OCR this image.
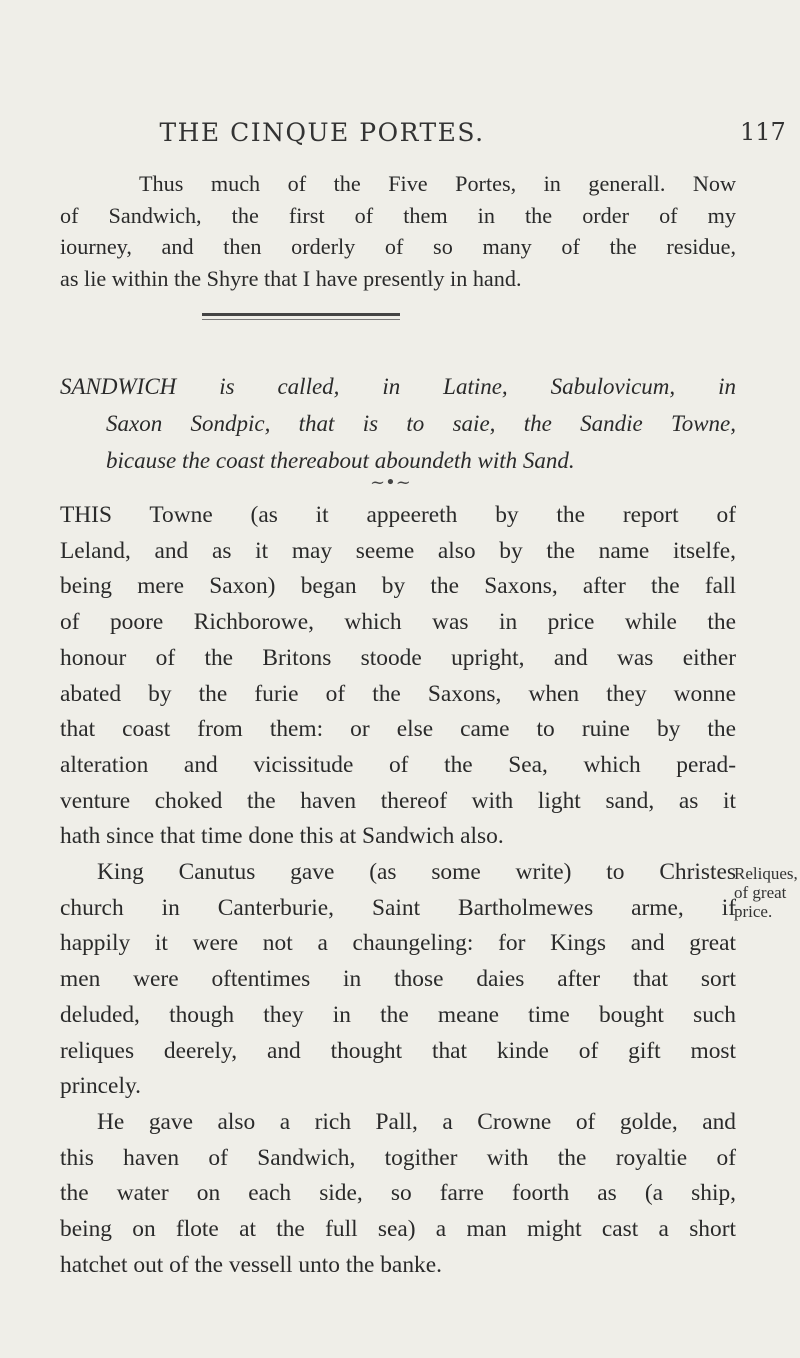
THE CINQUE PORTES.	117
Thus much of the Five Portes, in generall. Now
of Sandwich, the first of them in the order of my
iourney, and then orderly of so many of the residue,
as lie within the Shyre that I have presently in hand.
SANDWICH is called, in Latine, Sabulovicum, in
Saxon Sondpic, that is to saie, the Sandie Towne,
bicause the coast thereabout aboundeth with Sand.
~•~
THIS Towne (as it appeereth by the report of
Leland, and as it may seeme also by the name itselfe,
being mere Saxon) began by the Saxons, after the fall
of poore Richborowe, which was in price while the
honour of the Britons stoode upright, and was either
abated by the furie of the Saxons, when they wonne
that coast from them: or else came to ruine by the
alteration and vicissitude of the Sea, which perad-
venture choked the haven thereof with light sand, as it
hath since that time done this at Sandwich also.
King Canutus gave (as some write) to Christes
church in Canterburie, Saint Bartholmewes arme, if
happily it were not a chaungeling: for Kings and great
men were oftentimes in those daies after that sort
deluded, though they in the meane time bought such
reliques deerely, and thought that kinde of gift most
princely.
He gave also a rich Pall, a Crowne of golde, and
this haven of Sandwich, togither with the royaltie of
the water on each side, so farre foorth as (a ship,
being on flote at the full sea) a man might cast a short
hatchet out of the vessell unto the banke.
Reliques,
of great
price.
